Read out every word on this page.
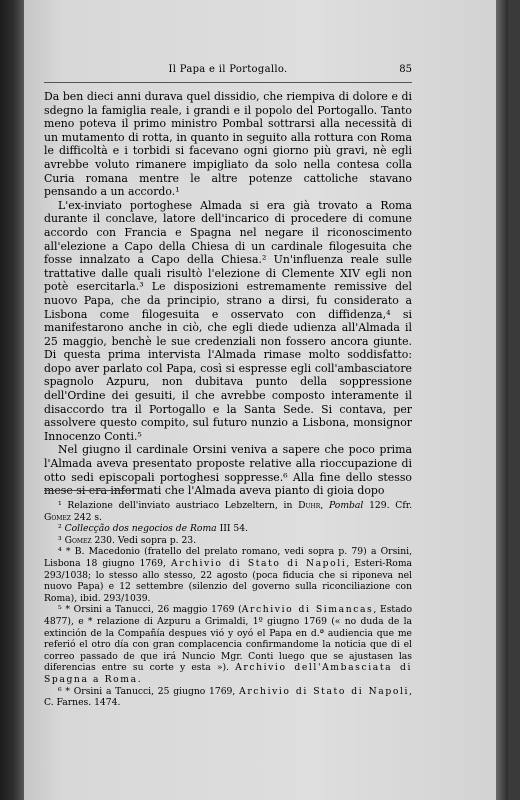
Il Papa e il Portogallo.	85

Da ben dieci anni durava quel dissidio, che riempiva di dolore e di sdegno la famiglia reale, i grandi e il popolo del Portogallo. Tanto meno poteva il primo ministro Pombal sottrarsi alla necessità di un mutamento di rotta, in quanto in seguito alla rottura con Roma le difficoltà e i torbidi si facevano ogni giorno più gravi, nè egli avrebbe voluto rimanere impigliato da solo nella contesa colla Curia romana mentre le altre potenze cattoliche stavano pensando a un accordo.¹

L'ex-inviato portoghese Almada si era già trovato a Roma durante il conclave, latore dell'incarico di procedere di comune accordo con Francia e Spagna nel negare il riconoscimento all'elezione a Capo della Chiesa di un cardinale filogesuita che fosse innalzato a Capo della Chiesa.² Un'influenza reale sulle trattative dalle quali risultò l'elezione di Clemente XIV egli non potè esercitarla.³ Le disposizioni estremamente remissive del nuovo Papa, che da principio, strano a dirsi, fu considerato a Lisbona come filogesuita e osservato con diffidenza,⁴ si manifestarono anche in ciò, che egli diede udienza all'Almada il 25 maggio, benchè le sue credenziali non fossero ancora giunte. Di questa prima intervista l'Almada rimase molto soddisfatto: dopo aver parlato col Papa, così si espresse egli coll'ambasciatore spagnolo Azpuru, non dubitava punto della soppressione dell'Ordine dei gesuiti, il che avrebbe composto interamente il disaccordo tra il Portogallo e la Santa Sede. Si contava, per assolvere questo compito, sul futuro nunzio a Lisbona, monsignor Innocenzo Conti.⁵

Nel giugno il cardinale Orsini veniva a sapere che poco prima l'Almada aveva presentato proposte relative alla rioccupazione di otto sedi episcopali portoghesi soppresse.⁶ Alla fine dello stesso mese si era informati che l'Almada aveva pianto di gioia dopo

¹ Relazione dell'inviato austriaco Lebzeltern, in Duhr, Pombal 129. Cfr. Gomez 242 s.

² Collecção dos negocios de Roma III 54.

³ Gomez 230. Vedi sopra p. 23.

⁴ * B. Macedonio (fratello del prelato romano, vedi sopra p. 79) a Orsini, Lisbona 18 giugno 1769, Archivio di Stato di Napoli, Esteri-Roma 293/1038; lo stesso allo stesso, 22 agosto (poca fiducia che si riponeva nel nuovo Papa) e 12 settembre (silenzio del governo sulla riconciliazione con Roma), ibid. 293/1039.

⁵ * Orsini a Tanucci, 26 maggio 1769 (Archivio di Simancas, Estado 4877), e * relazione di Azpuru a Grimaldi, 1º giugno 1769 (« no duda de la extinción de la Compañía despues vió y oyó el Papa en d.ª audiencia que me referió el otro día con gran complacencia confirmandome la noticia que di el correo passado de que irá Nuncio Mgr. Conti luego que se ajustasen las diferencias entre su corte y esta »). Archivio dell'Ambasciata di Spagna a Roma.

⁶ * Orsini a Tanucci, 25 giugno 1769, Archivio di Stato di Napoli, C. Farnes. 1474.
